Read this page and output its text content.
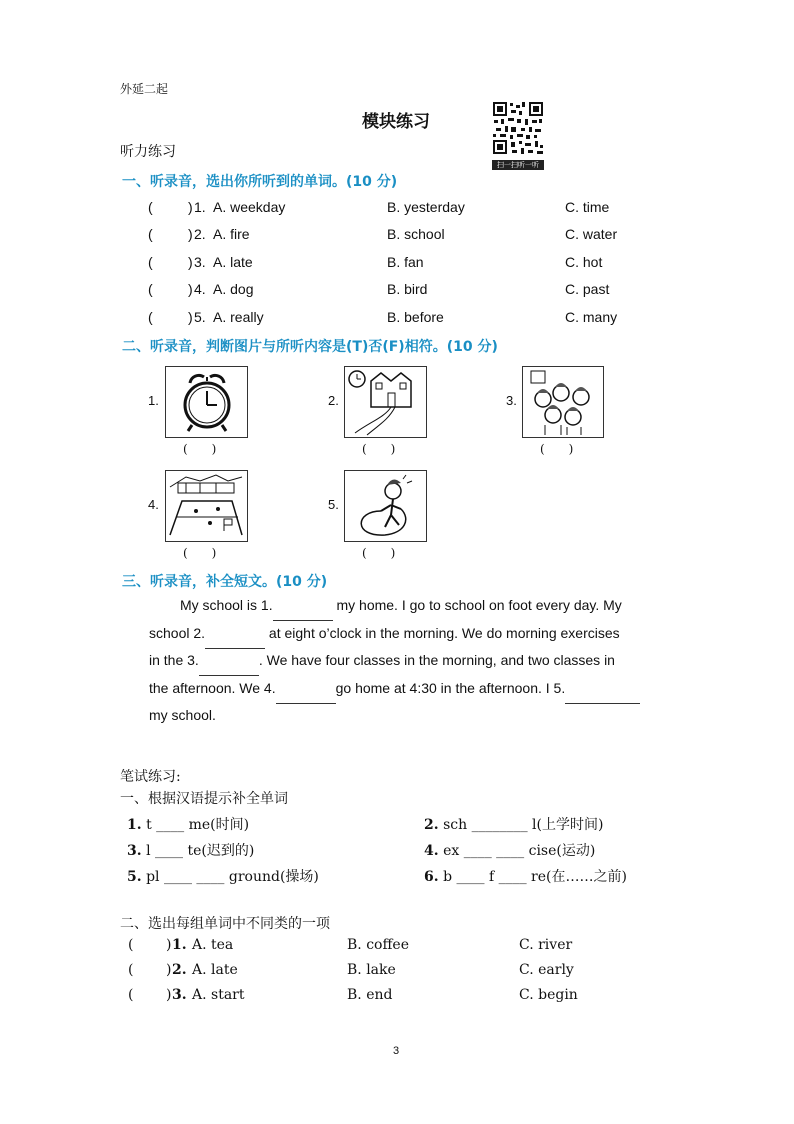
外延二起
模块练习
扫一扫听一听
听力练习
一、听录音，选出你所听到的单词。(10 分)
(	) 1. A. weekday	B. yesterday	C. time
(	) 2. A. fire	B. school	C. water
(	) 3. A. late	B. fan	C. hot
(	) 4. A. dog	B. bird	C. past
(	) 5. A. really	B. before	C. many
二、听录音，判断图片与所听内容是(T)否(F)相符。(10 分)
1.
(　　)
2.
(　　)
3.
(　　)
4.
(　　)
5.
(　　)
三、听录音，补全短文。(10 分)
My school is 1.	my home. I go to school on foot every day. My
school 2.	at eight o’clock in the morning. We do morning exercises
in the 3.	. We have four classes in the morning, and two classes in
the afternoon. We 4.	go home at 4:30 in the afternoon. I 5.
my school.
笔试练习:
一、根据汉语提示补全单词
1. t ____ me(时间)	2. sch ________ l(上学时间)
3. l ____ te(迟到的)	4. ex ____ ____ cise(运动)
5. pl ____ ____ ground(操场)	6. b ____ f ____ re(在……之前)
二、选出每组单词中不同类的一项
( ) 1. A. tea	B. coffee	C. river
( ) 2. A. late	B. lake	C. early
( ) 3. A. start	B. end	C. begin
3
